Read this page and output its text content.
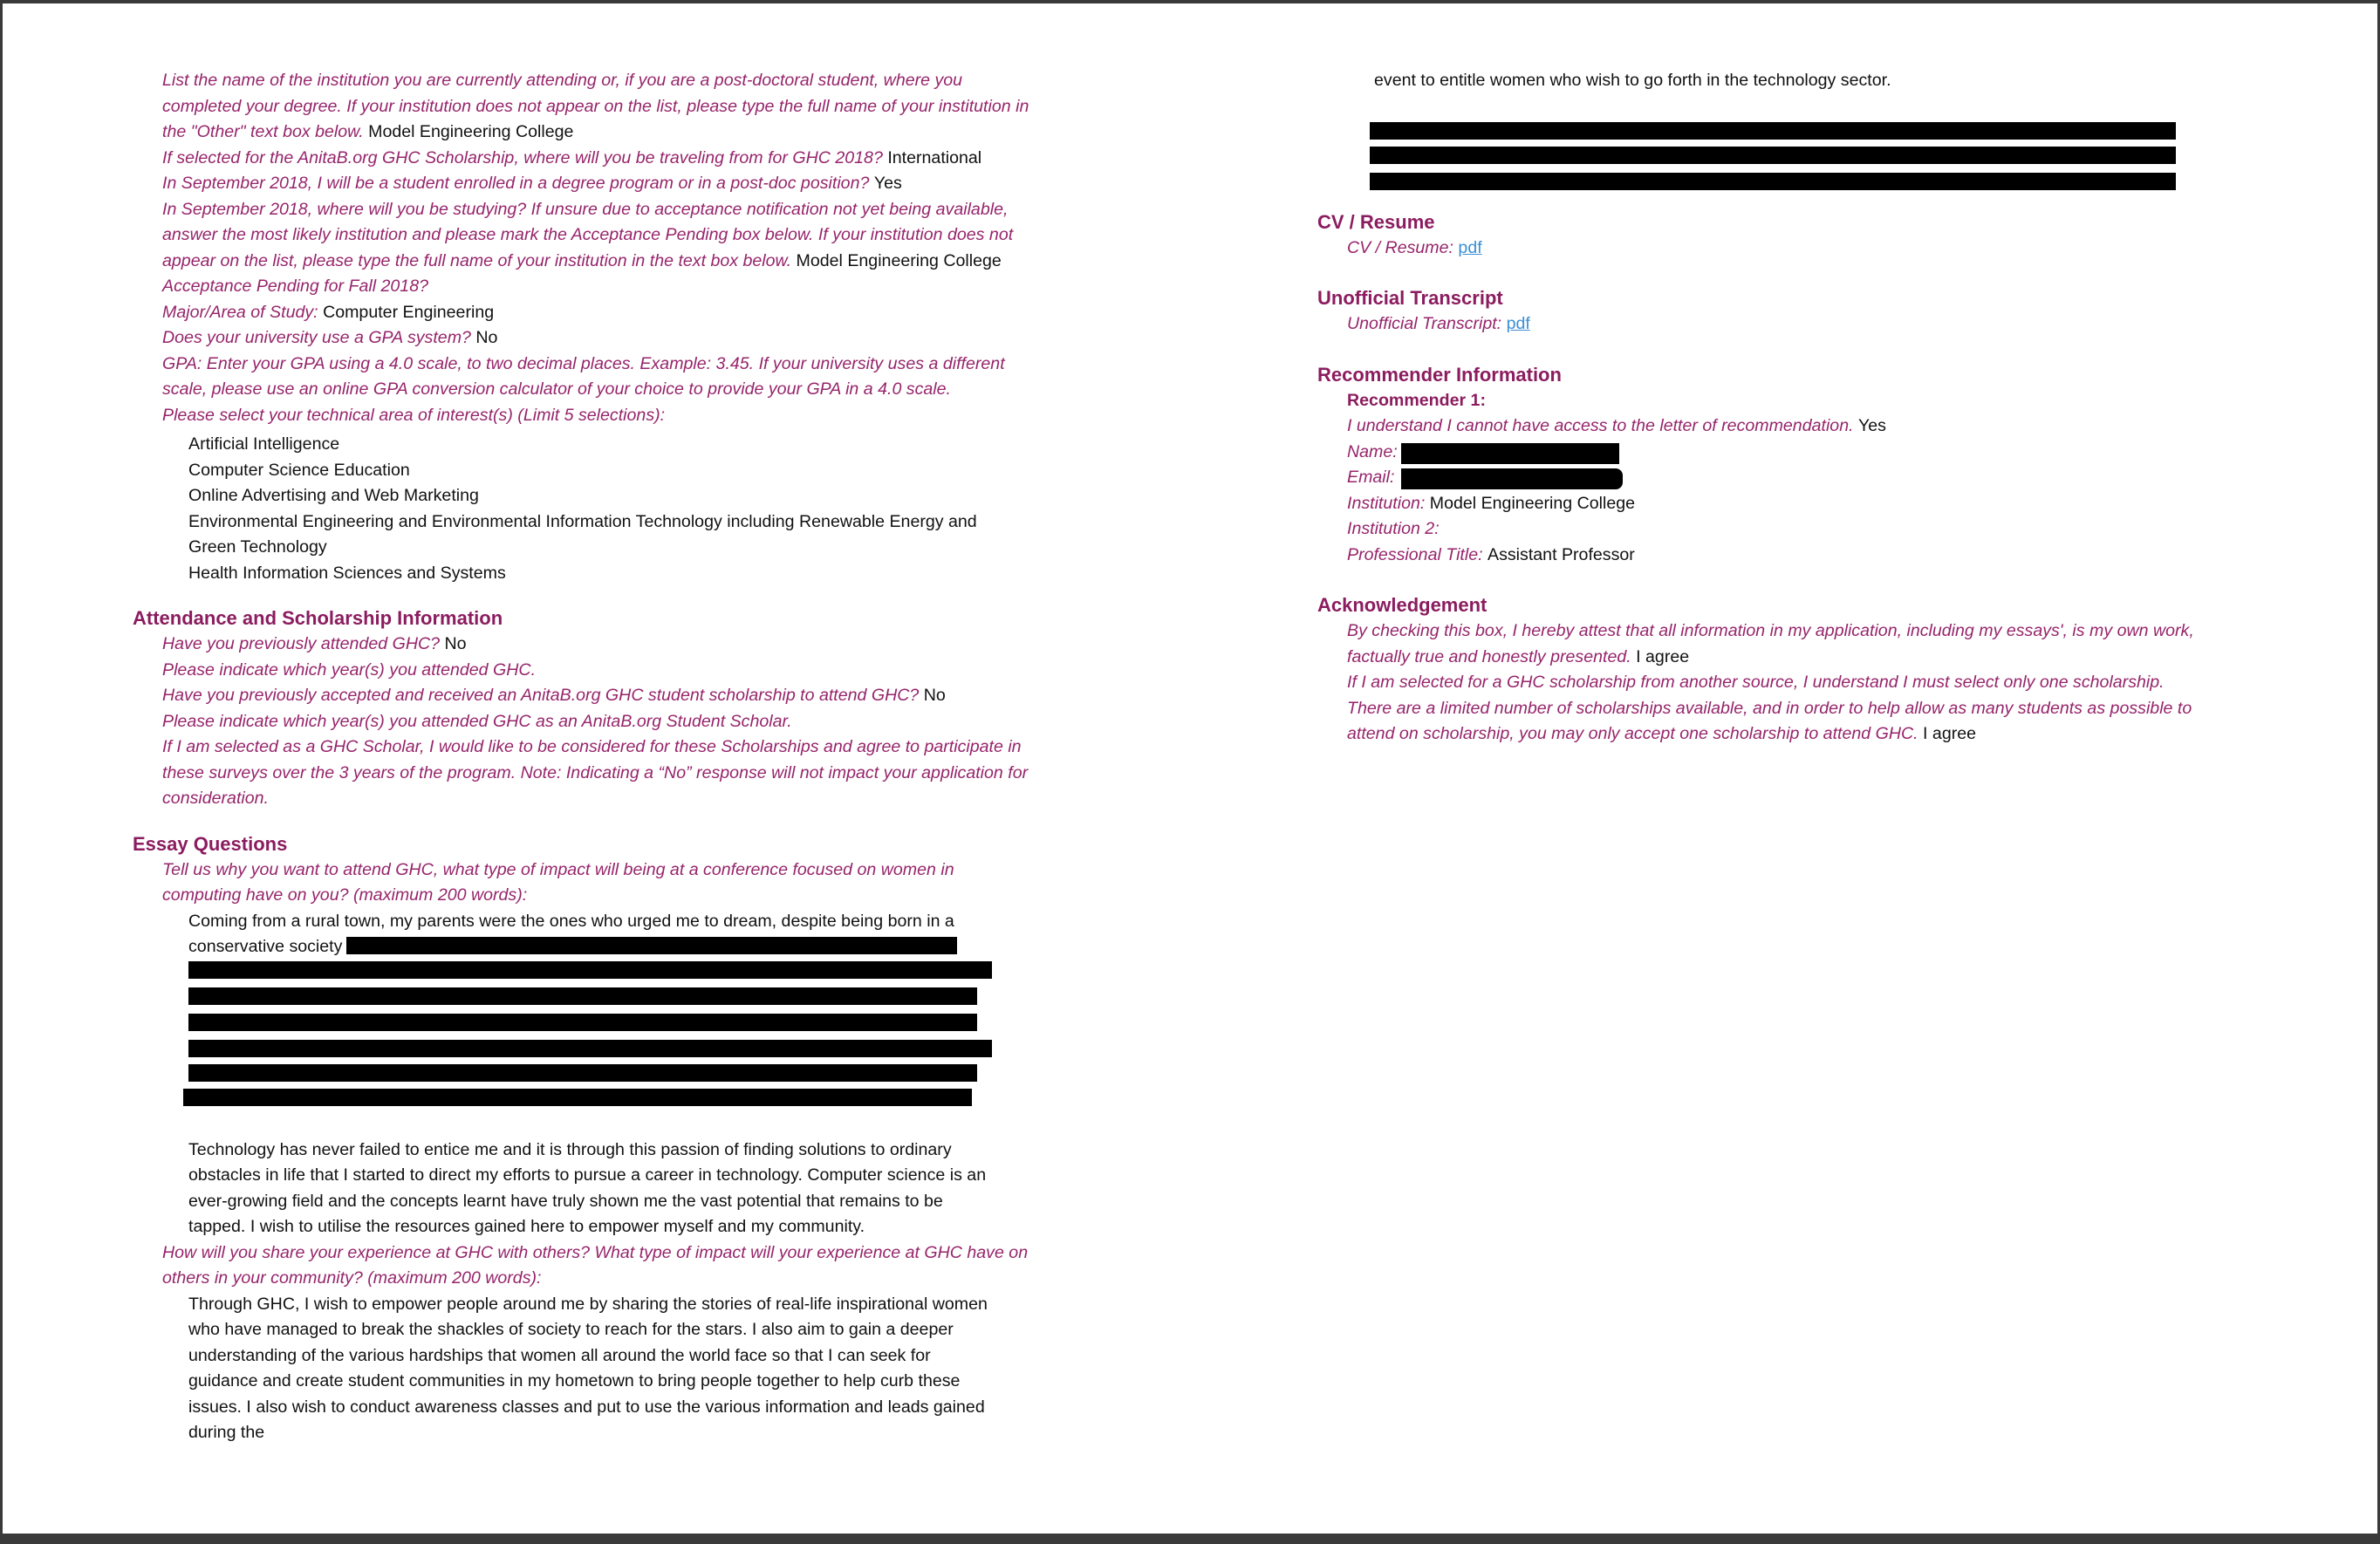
List the name of the institution you are currently attending or, if you are a post-doctoral student, where you completed your degree. If your institution does not appear on the list, please type the full name of your institution in the "Other" text box below. Model Engineering College

If selected for the AnitaB.org GHC Scholarship, where will you be traveling from for GHC 2018? International

In September 2018, I will be a student enrolled in a degree program or in a post-doc position? Yes

In September 2018, where will you be studying? If unsure due to acceptance notification not yet being available, answer the most likely institution and please mark the Acceptance Pending box below. If your institution does not appear on the list, please type the full name of your institution in the text box below. Model Engineering College

Acceptance Pending for Fall 2018?

Major/Area of Study: Computer Engineering

Does your university use a GPA system? No

GPA: Enter your GPA using a 4.0 scale, to two decimal places. Example: 3.45. If your university uses a different scale, please use an online GPA conversion calculator of your choice to provide your GPA in a 4.0 scale.

Please select your technical area of interest(s) (Limit 5 selections):

Artificial Intelligence

Computer Science Education

Online Advertising and Web Marketing

Environmental Engineering and Environmental Information Technology including Renewable Energy and Green Technology

Health Information Sciences and Systems

Attendance and Scholarship Information

Have you previously attended GHC? No

Please indicate which year(s) you attended GHC.

Have you previously accepted and received an AnitaB.org GHC student scholarship to attend GHC? No

Please indicate which year(s) you attended GHC as an AnitaB.org Student Scholar.

If I am selected as a GHC Scholar, I would like to be considered for these Scholarships and agree to participate in these surveys over the 3 years of the program. Note: Indicating a “No” response will not impact your application for consideration.

Essay Questions

Tell us why you want to attend GHC, what type of impact will being at a conference focused on women in computing have on you? (maximum 200 words):

Coming from a rural town, my parents were the ones who urged me to dream, despite being born in a conservative society

Technology has never failed to entice me and it is through this passion of finding solutions to ordinary obstacles in life that I started to direct my efforts to pursue a career in technology. Computer science is an ever-growing field and the concepts learnt have truly shown me the vast potential that remains to be tapped. I wish to utilise the resources gained here to empower myself and my community.

How will you share your experience at GHC with others? What type of impact will your experience at GHC have on others in your community? (maximum 200 words):

Through GHC, I wish to empower people around me by sharing the stories of real-life inspirational women who have managed to break the shackles of society to reach for the stars. I also aim to gain a deeper understanding of the various hardships that women all around the world face so that I can seek for guidance and create student communities in my hometown to bring people together to help curb these issues. I also wish to conduct awareness classes and put to use the various information and leads gained during the

event to entitle women who wish to go forth in the technology sector.

CV / Resume

CV / Resume: pdf

Unofficial Transcript

Unofficial Transcript: pdf

Recommender Information

Recommender 1:

I understand I cannot have access to the letter of recommendation. Yes

Name:

Email:

Institution: Model Engineering College

Institution 2:

Professional Title: Assistant Professor

Acknowledgement

By checking this box, I hereby attest that all information in my application, including my essays', is my own work, factually true and honestly presented. I agree

If I am selected for a GHC scholarship from another source, I understand I must select only one scholarship. There are a limited number of scholarships available, and in order to help allow as many students as possible to attend on scholarship, you may only accept one scholarship to attend GHC. I agree
